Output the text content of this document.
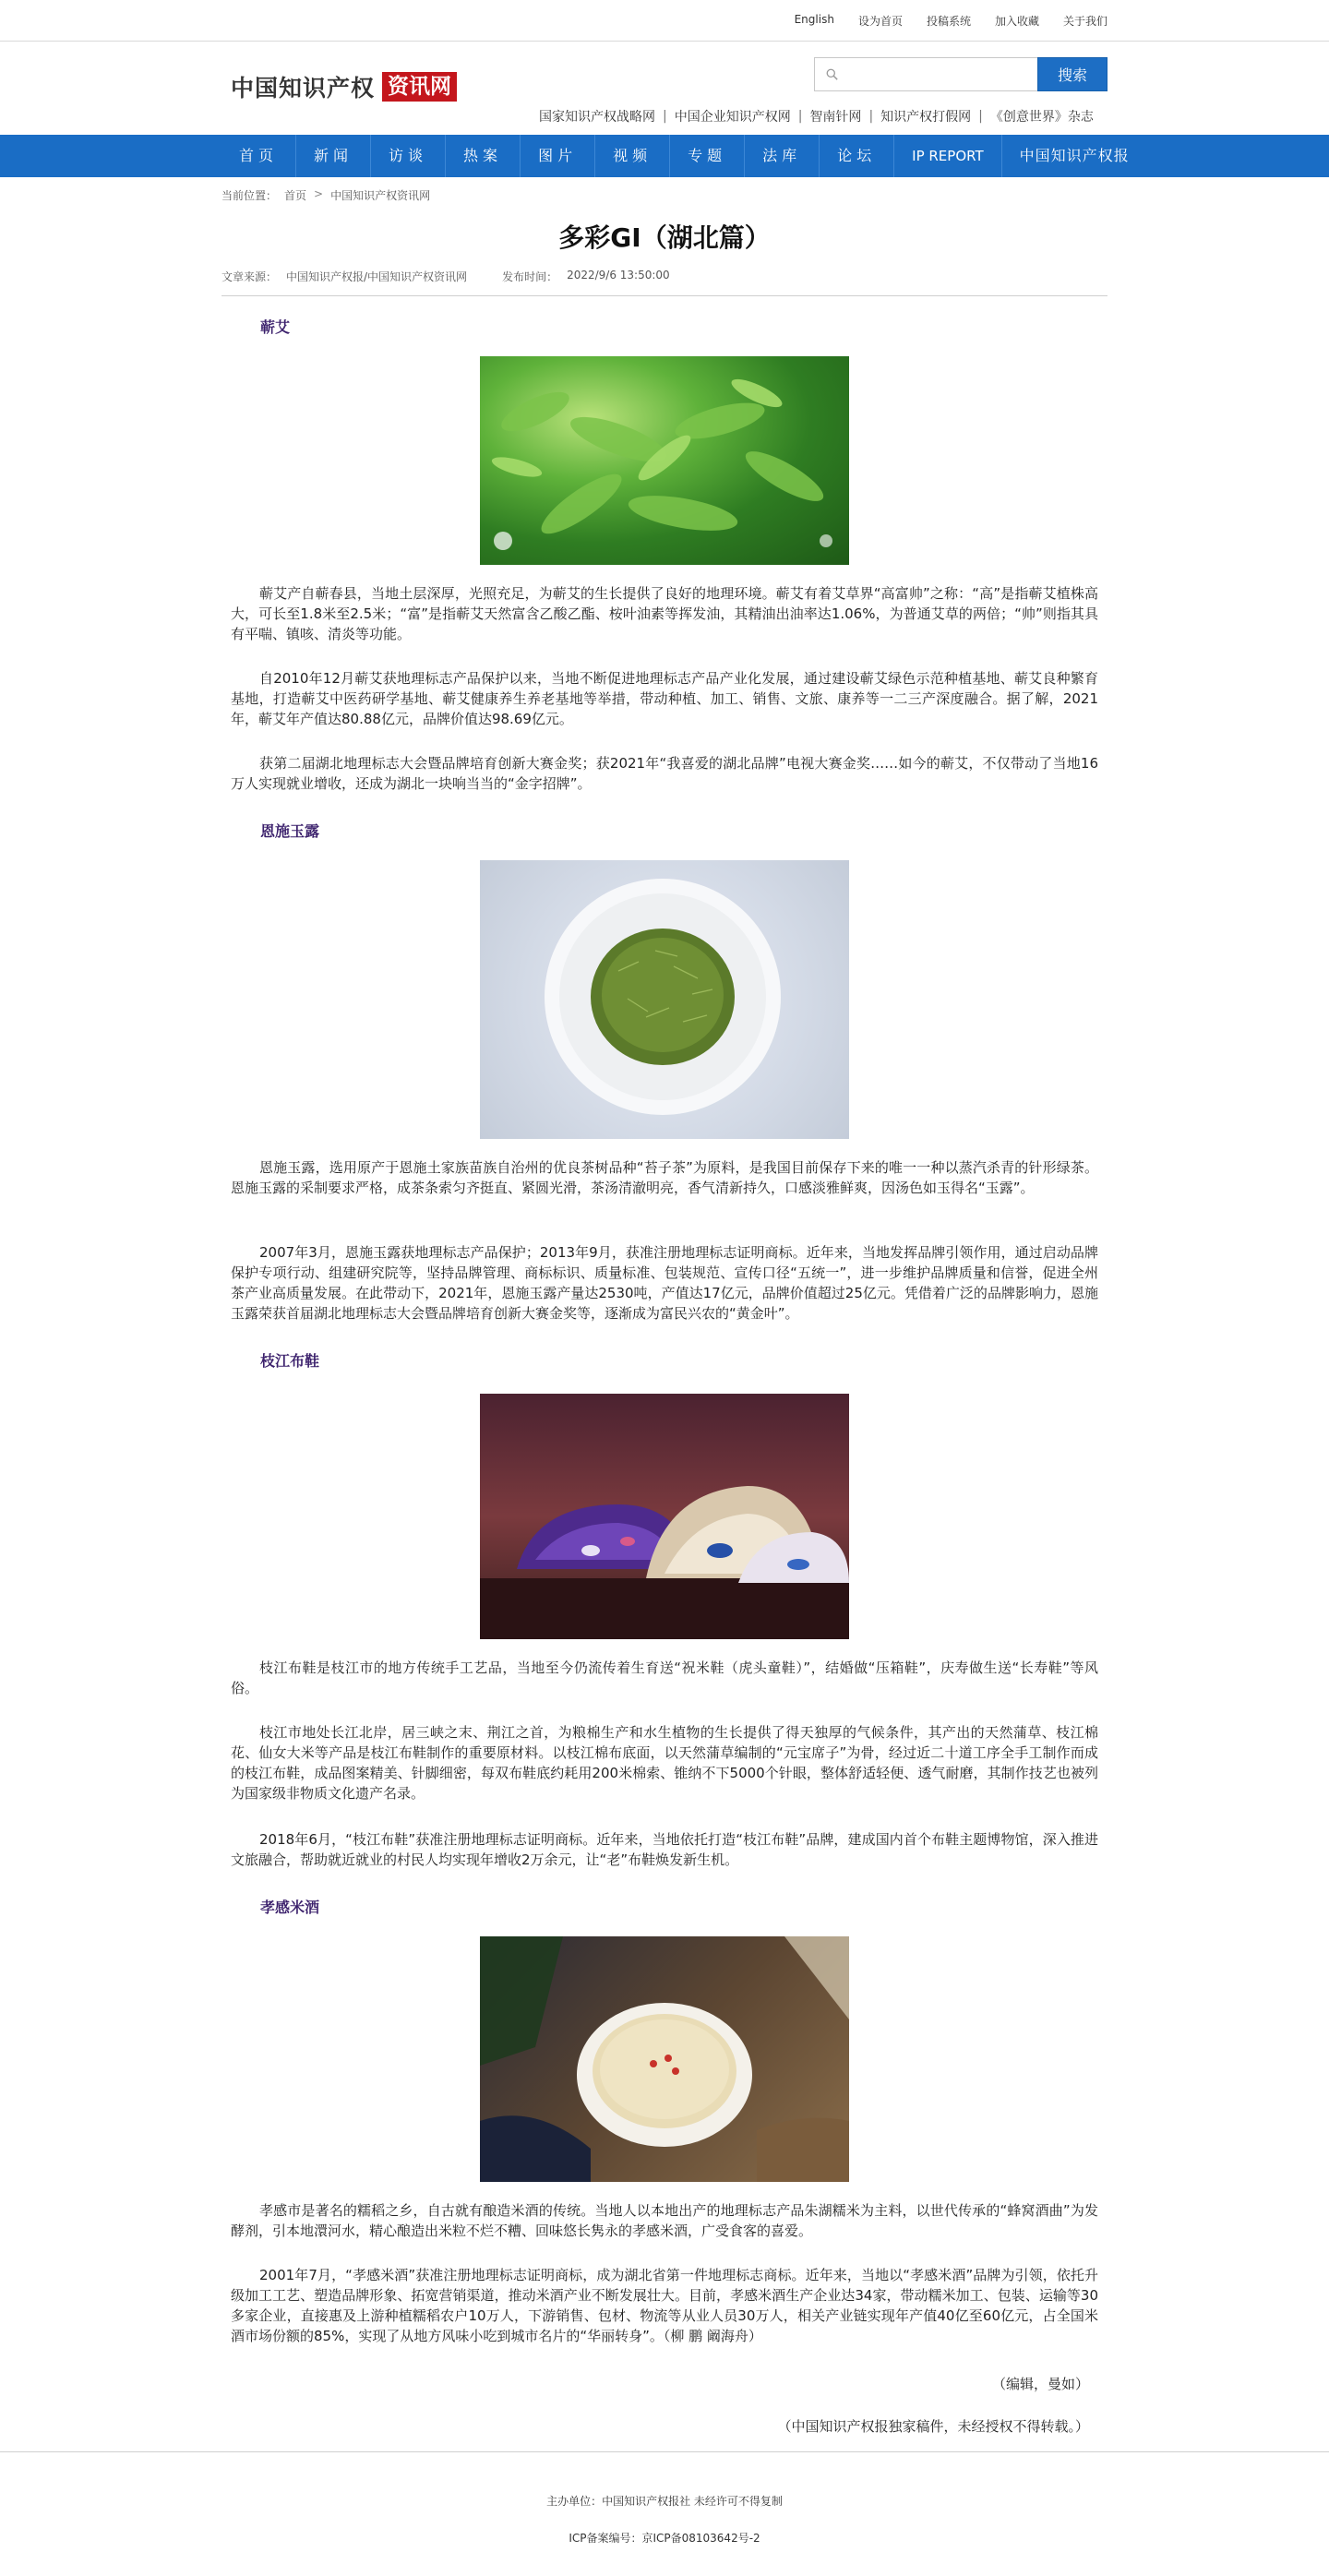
English 设为首页 投稿系统 加入收藏 关于我们
中国知识产权 资讯网	搜索
国家知识产权战略网 | 中国企业知识产权网 | 智南针网 | 知识产权打假网 | 《创意世界》杂志
首页	新闻	访谈	热案	图片	视频	专题	法库	论坛	IP REPORT	中国知识产权报
当前位置： 首页 > 中国知识产权资讯网
多彩GI（湖北篇）
文章来源： 中国知识产权报/中国知识产权资讯网	发布时间： 2022/9/6 13:50:00
蕲艾

蕲艾产自蕲春县，当地土层深厚，光照充足，为蕲艾的生长提供了良好的地理环境。蕲艾有着艾草界“高富帅”之称：“高”是指蕲艾植株高大，可长至1.8米至2.5米；“富”是指蕲艾天然富含乙酸乙酯、桉叶油素等挥发油，其精油出油率达1.06%，为普通艾草的两倍；“帅”则指其具有平喘、镇咳、清炎等功能。

自2010年12月蕲艾获地理标志产品保护以来，当地不断促进地理标志产品产业化发展，通过建设蕲艾绿色示范种植基地、蕲艾良种繁育基地，打造蕲艾中医药研学基地、蕲艾健康养生养老基地等举措，带动种植、加工、销售、文旅、康养等一二三产深度融合。据了解，2021年，蕲艾年产值达80.88亿元，品牌价值达98.69亿元。

获第二届湖北地理标志大会暨品牌培育创新大赛金奖；获2021年“我喜爱的湖北品牌”电视大赛金奖……如今的蕲艾，不仅带动了当地16万人实现就业增收，还成为湖北一块响当当的“金字招牌”。

恩施玉露

恩施玉露，选用原产于恩施土家族苗族自治州的优良茶树品种“苔子茶”为原料，是我国目前保存下来的唯一一种以蒸汽杀青的针形绿茶。恩施玉露的采制要求严格，成茶条索匀齐挺直、紧圆光滑，茶汤清澈明亮，香气清新持久，口感淡雅鲜爽，因汤色如玉得名“玉露”。

2007年3月，恩施玉露获地理标志产品保护；2013年9月，获准注册地理标志证明商标。近年来，当地发挥品牌引领作用，通过启动品牌保护专项行动、组建研究院等，坚持品牌管理、商标标识、质量标准、包装规范、宣传口径“五统一”，进一步维护品牌质量和信誉，促进全州茶产业高质量发展。在此带动下，2021年，恩施玉露产量达2530吨，产值达17亿元，品牌价值超过25亿元。凭借着广泛的品牌影响力，恩施玉露荣获首届湖北地理标志大会暨品牌培育创新大赛金奖等，逐渐成为富民兴农的“黄金叶”。

枝江布鞋

枝江布鞋是枝江市的地方传统手工艺品，当地至今仍流传着生育送“祝米鞋（虎头童鞋）”，结婚做“压箱鞋”，庆寿做生送“长寿鞋”等风俗。

枝江市地处长江北岸，居三峡之末、荆江之首，为粮棉生产和水生植物的生长提供了得天独厚的气候条件，其产出的天然蒲草、枝江棉花、仙女大米等产品是枝江布鞋制作的重要原材料。以枝江棉布底面，以天然蒲草编制的“元宝席子”为骨，经过近二十道工序全手工制作而成的枝江布鞋，成品图案精美、针脚细密，每双布鞋底约耗用200米棉索、锥纳不下5000个针眼，整体舒适轻便、透气耐磨，其制作技艺也被列为国家级非物质文化遗产名录。

2018年6月，“枝江布鞋”获准注册地理标志证明商标。近年来，当地依托打造“枝江布鞋”品牌，建成国内首个布鞋主题博物馆，深入推进文旅融合，帮助就近就业的村民人均实现年增收2万余元，让“老”布鞋焕发新生机。

孝感米酒

孝感市是著名的糯稻之乡，自古就有酿造米酒的传统。当地人以本地出产的地理标志产品朱湖糯米为主料，以世代传承的“蜂窝酒曲”为发酵剂，引本地澴河水，精心酿造出米粒不烂不糟、回味悠长隽永的孝感米酒，广受食客的喜爱。

2001年7月，“孝感米酒”获准注册地理标志证明商标，成为湖北省第一件地理标志商标。近年来，当地以“孝感米酒”品牌为引领，依托升级加工工艺、塑造品牌形象、拓宽营销渠道，推动米酒产业不断发展壮大。目前，孝感米酒生产企业达34家，带动糯米加工、包装、运输等30多家企业，直接惠及上游种植糯稻农户10万人，下游销售、包材、物流等从业人员30万人，相关产业链实现年产值40亿至60亿元，占全国米酒市场份额的85%，实现了从地方风味小吃到城市名片的“华丽转身”。（柳 鹏 阚海舟）

（编辑，曼如）
（中国知识产权报独家稿件，未经授权不得转载。）
主办单位：中国知识产权报社 未经许可不得复制
ICP备案编号：京ICP备08103642号-2
